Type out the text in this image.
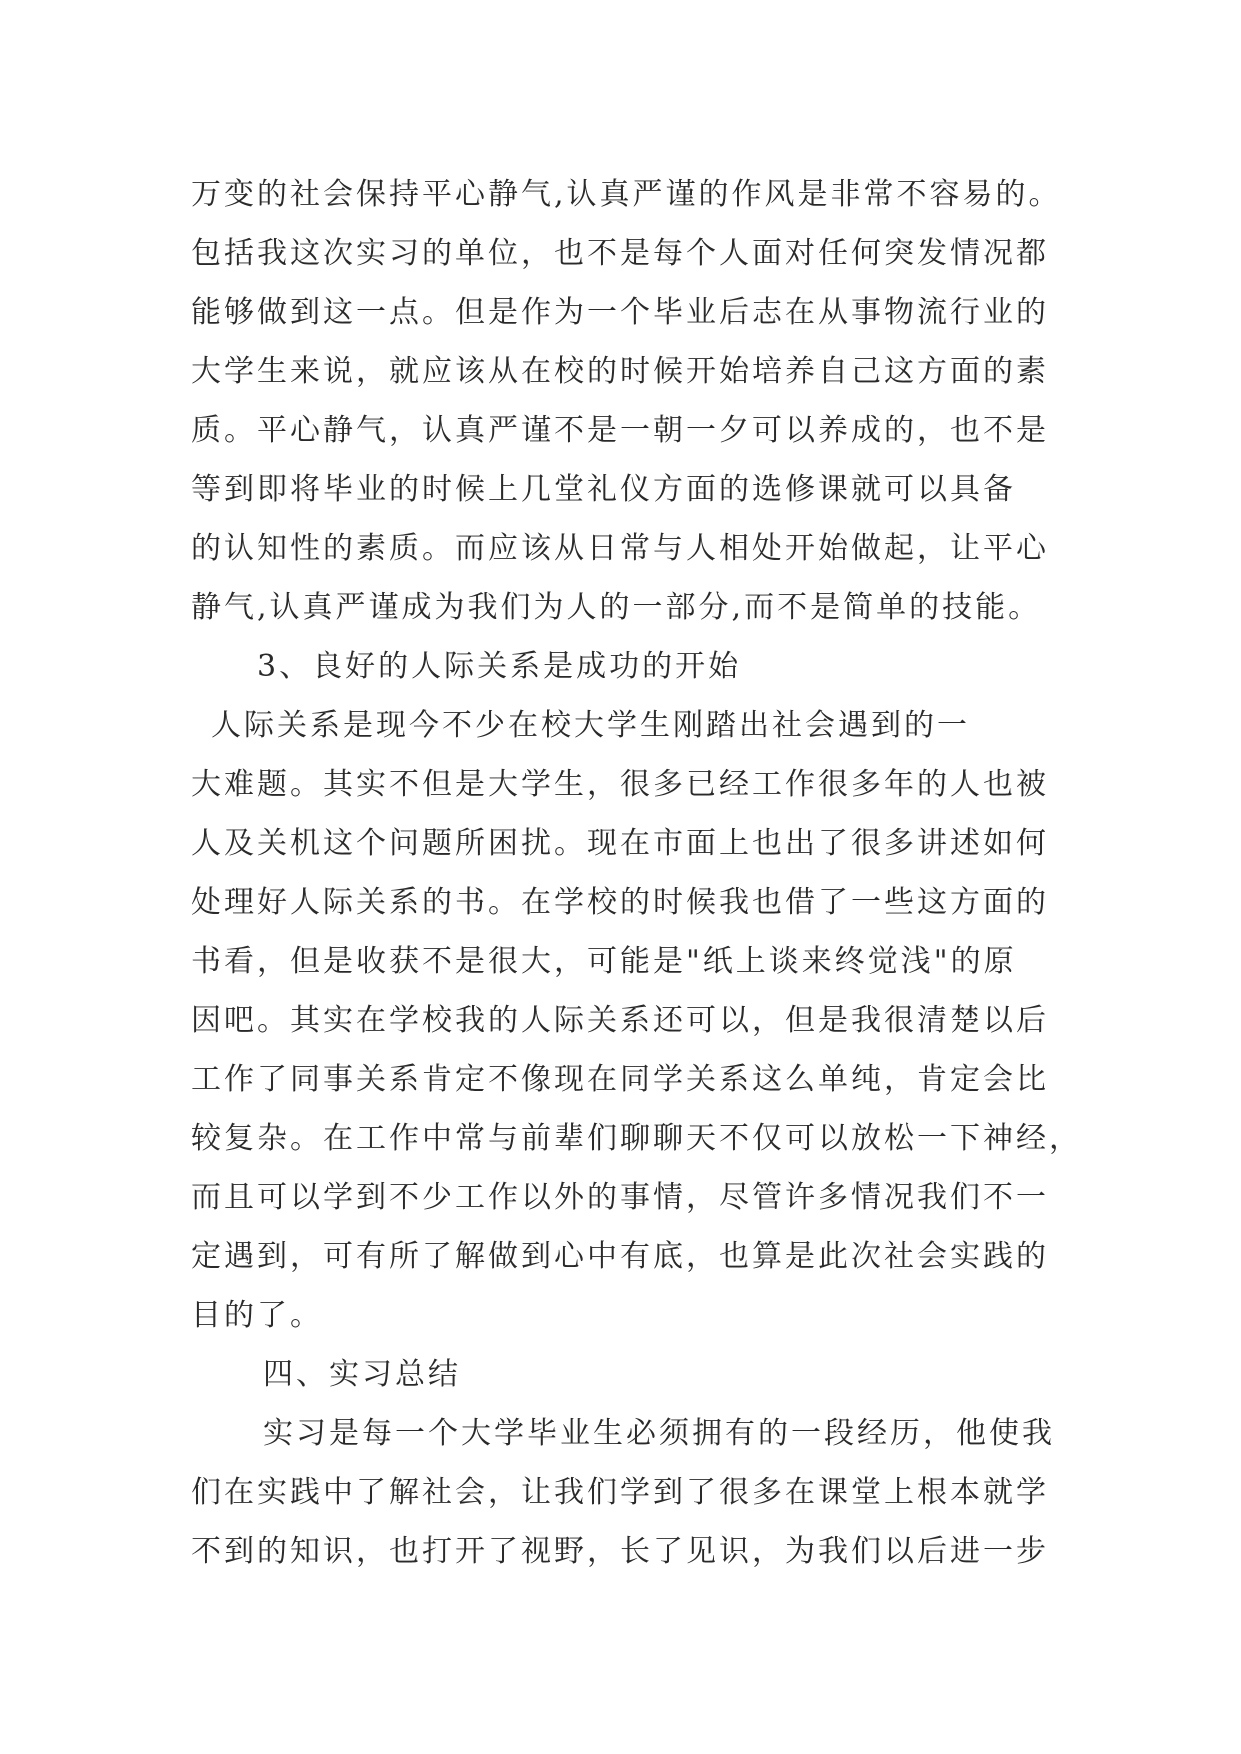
万变的社会保持平心静气,认真严谨的作风是非常不容易的。
包括我这次实习的单位，也不是每个人面对任何突发情况都
能够做到这一点。但是作为一个毕业后志在从事物流行业的
大学生来说，就应该从在校的时候开始培养自己这方面的素
质。平心静气，认真严谨不是一朝一夕可以养成的，也不是
等到即将毕业的时候上几堂礼仪方面的选修课就可以具备
的认知性的素质。而应该从日常与人相处开始做起，让平心
静气,认真严谨成为我们为人的一部分,而不是简单的技能。
3、良好的人际关系是成功的开始
人际关系是现今不少在校大学生刚踏出社会遇到的一
大难题。其实不但是大学生，很多已经工作很多年的人也被
人及关机这个问题所困扰。现在市面上也出了很多讲述如何
处理好人际关系的书。在学校的时候我也借了一些这方面的
书看，但是收获不是很大，可能是"纸上谈来终觉浅"的原
因吧。其实在学校我的人际关系还可以，但是我很清楚以后
工作了同事关系肯定不像现在同学关系这么单纯，肯定会比
较复杂。在工作中常与前辈们聊聊天不仅可以放松一下神经，
而且可以学到不少工作以外的事情，尽管许多情况我们不一
定遇到，可有所了解做到心中有底，也算是此次社会实践的
目的了。
四、实习总结
实习是每一个大学毕业生必须拥有的一段经历，他使我
们在实践中了解社会，让我们学到了很多在课堂上根本就学
不到的知识，也打开了视野，长了见识，为我们以后进一步
